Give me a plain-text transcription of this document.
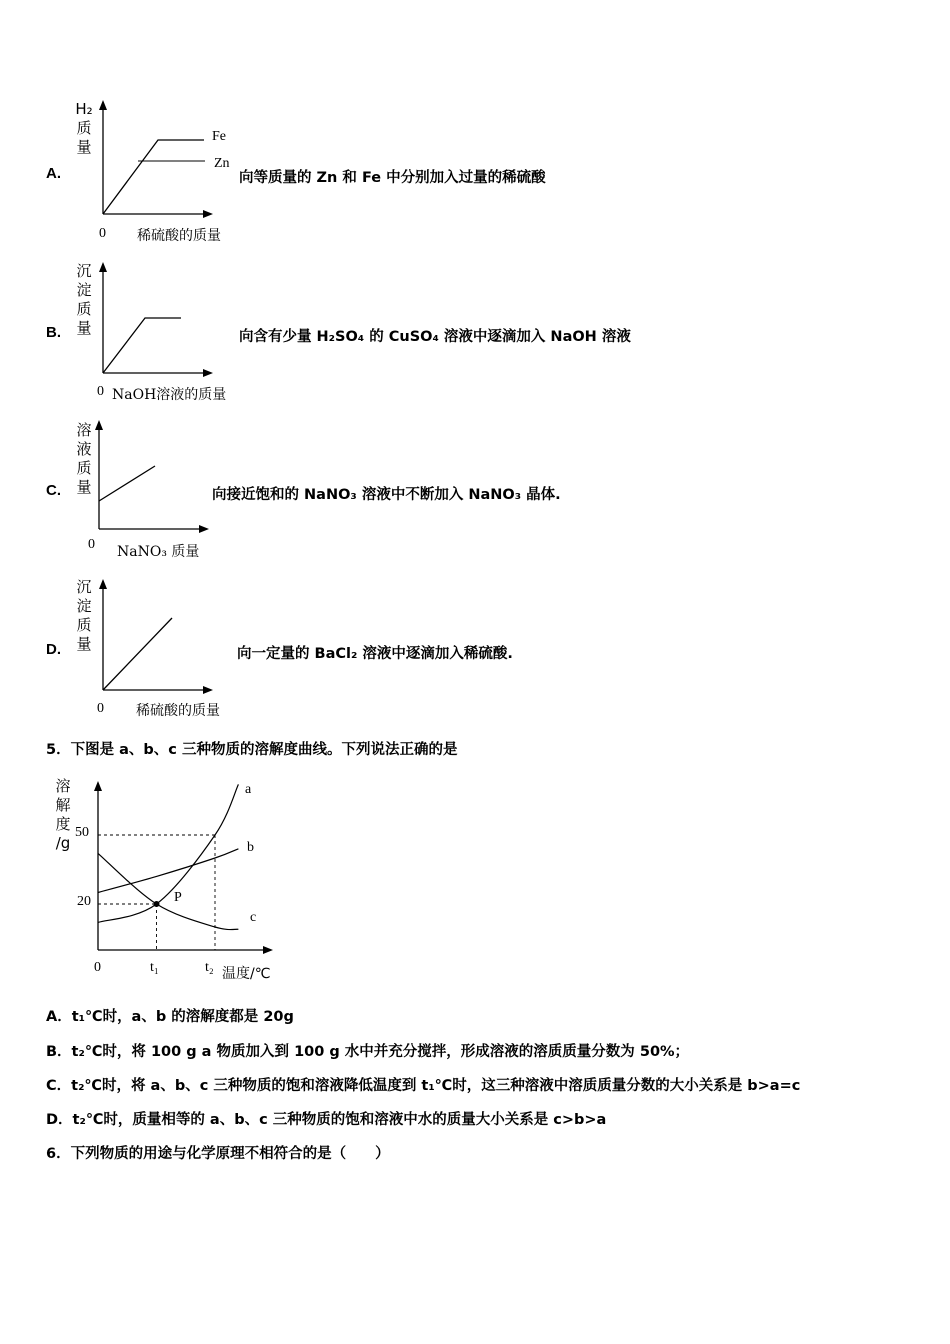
A.
H₂
质
量
Fe
Zn
0 稀硫酸的质量
向等质量的 Zn 和 Fe 中分别加入过量的稀硫酸
B.
沉
淀
质
量
0 NaOH溶液的质量
向含有少量 H₂SO₄ 的 CuSO₄ 溶液中逐滴加入 NaOH 溶液
C.
溶
液
质
量
0 NaNO₃ 质量
向接近饱和的 NaNO₃ 溶液中不断加入 NaNO₃ 晶体.
D.
沉
淀
质
量
0 稀硫酸的质量
向一定量的 BaCl₂ 溶液中逐滴加入稀硫酸.
5．下图是 a、b、c 三种物质的溶解度曲线。下列说法正确的是
溶
解
度
/g
0
50
20
t₁	t₂ 温度/℃
a
b
c
P
A．t₁℃时，a、b 的溶解度都是 20g
B．t₂℃时，将 100 g a 物质加入到 100 g 水中并充分搅拌，形成溶液的溶质质量分数为 50%；
C．t₂℃时，将 a、b、c 三种物质的饱和溶液降低温度到 t₁℃时，这三种溶液中溶质质量分数的大小关系是 b>a=c
D．t₂℃时，质量相等的 a、b、c 三种物质的饱和溶液中水的质量大小关系是 c>b>a
6．下列物质的用途与化学原理不相符合的是（　　）
